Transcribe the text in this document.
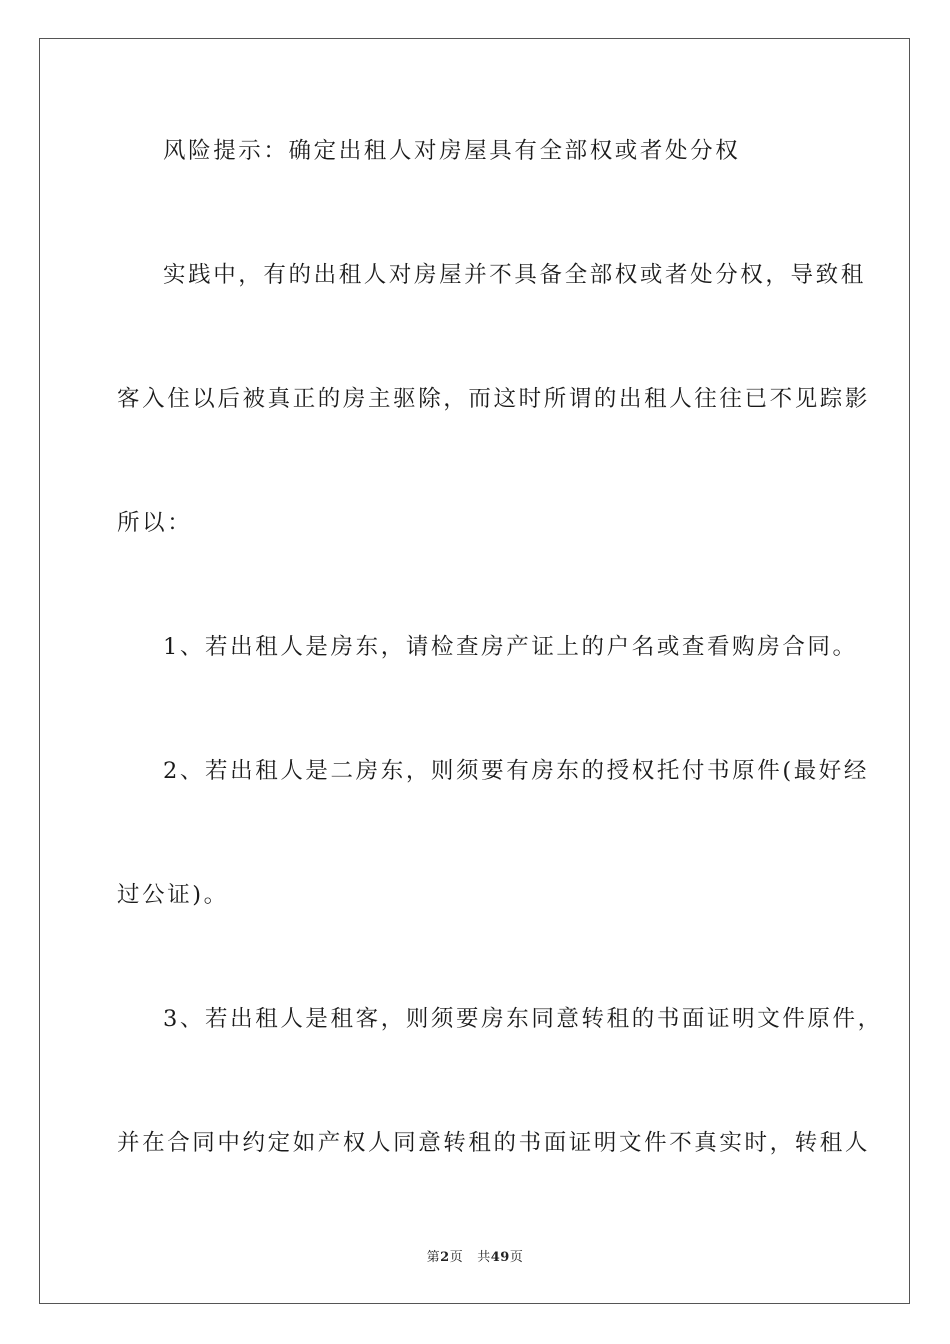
风险提示：确定出租人对房屋具有全部权或者处分权
实践中，有的出租人对房屋并不具备全部权或者处分权，导致租
客入住以后被真正的房主驱除，而这时所谓的出租人往往已不见踪影
所以：
1、若出租人是房东，请检查房产证上的户名或查看购房合同。
2、若出租人是二房东，则须要有房东的授权托付书原件(最好经
过公证)。
3、若出租人是租客，则须要房东同意转租的书面证明文件原件，
并在合同中约定如产权人同意转租的书面证明文件不真实时，转租人
第2页 共49页
